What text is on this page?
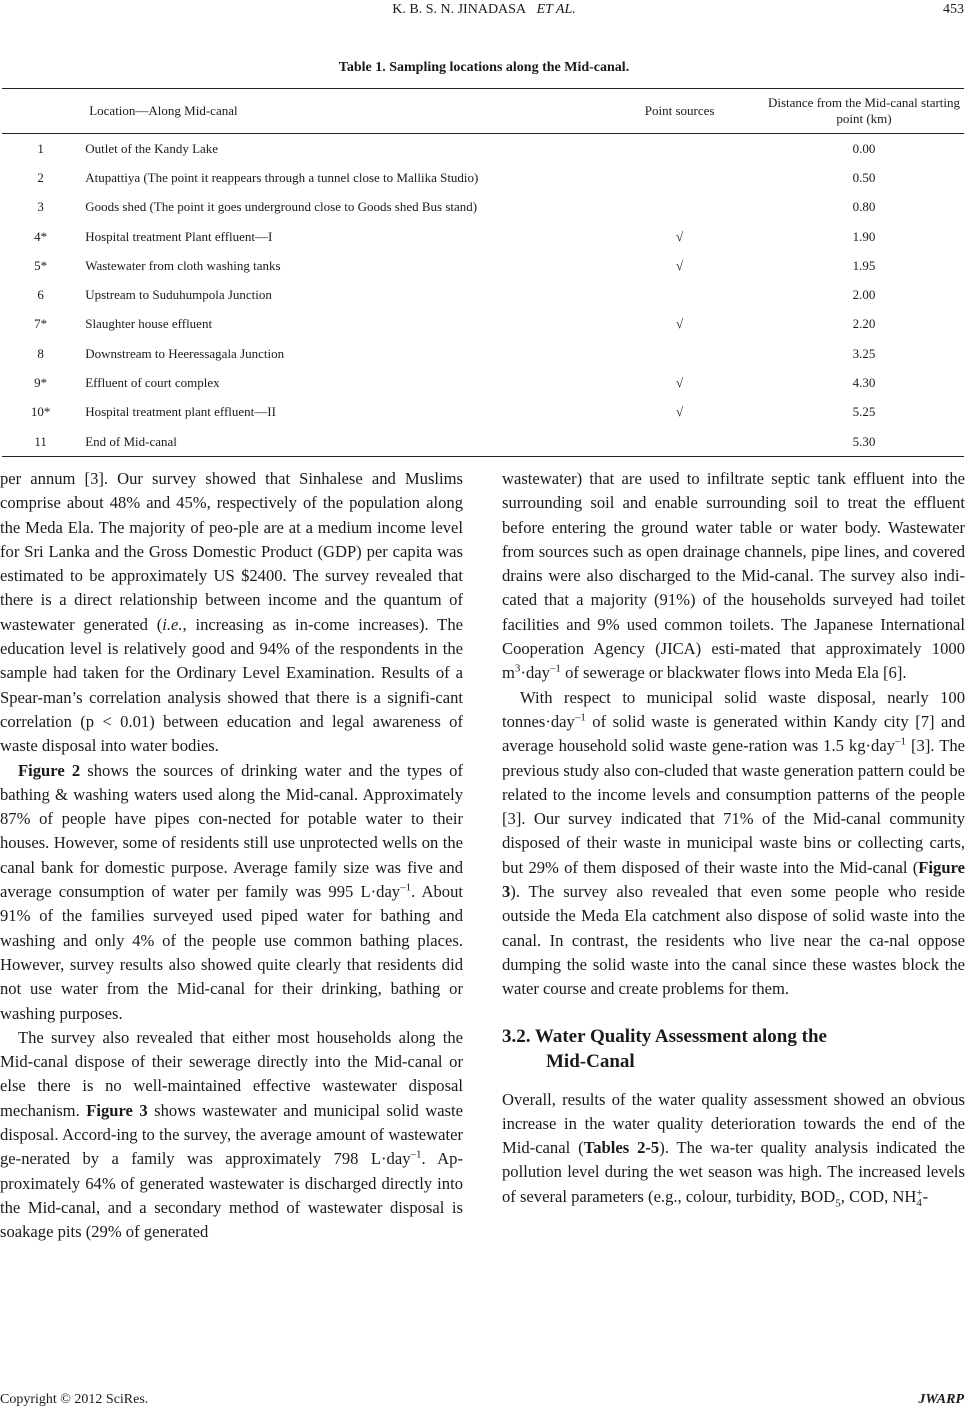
K. B. S. N. JINADASA ET AL.	453
Table 1. Sampling locations along the Mid-canal.
	Location—Along Mid-canal	Point sources	Distance from the Mid-canal starting point (km)
1	Outlet of the Kandy Lake		0.00
2	Atupattiya (The point it reappears through a tunnel close to Mallika Studio)		0.50
3	Goods shed (The point it goes underground close to Goods shed Bus stand)		0.80
4*	Hospital treatment Plant effluent—I	√	1.90
5*	Wastewater from cloth washing tanks	√	1.95
6	Upstream to Suduhumpola Junction		2.00
7*	Slaughter house effluent	√	2.20
8	Downstream to Heeressagala Junction		3.25
9*	Effluent of court complex	√	4.30
10*	Hospital treatment plant effluent—II	√	5.25
11	End of Mid-canal		5.30

per annum [3]. Our survey showed that Sinhalese and Muslims comprise about 48% and 45%, respectively of the population along the Meda Ela. The majority of peo-ple are at a medium income level for Sri Lanka and the Gross Domestic Product (GDP) per capita was estimated to be approximately US $2400. The survey revealed that there is a direct relationship between income and the quantum of wastewater generated (i.e., increasing as in-come increases). The education level is relatively good and 94% of the respondents in the sample had taken for the Ordinary Level Examination. Results of a Spear-man’s correlation analysis showed that there is a signifi-cant correlation (p < 0.01) between education and legal awareness of waste disposal into water bodies.

Figure 2 shows the sources of drinking water and the types of bathing & washing waters used along the Mid-canal. Approximately 87% of people have pipes con-nected for potable water to their houses. However, some of residents still use unprotected wells on the canal bank for domestic purpose. Average family size was five and average consumption of water per family was 995 L·day$^{-1}$. About 91% of the families surveyed used piped water for bathing and washing and only 4% of the people use common bathing places. However, survey results also showed quite clearly that residents did not use water from the Mid-canal for their drinking, bathing or washing purposes.

The survey also revealed that either most households along the Mid-canal dispose of their sewerage directly into the Mid-canal or else there is no well-maintained effective wastewater disposal mechanism. Figure 3 shows wastewater and municipal solid waste disposal. Accord-ing to the survey, the average amount of wastewater ge-nerated by a family was approximately 798 L·day$^{-1}$. Ap-proximately 64% of generated wastewater is discharged directly into the Mid-canal, and a secondary method of wastewater disposal is soakage pits (29% of generated

wastewater) that are used to infiltrate septic tank effluent into the surrounding soil and enable surrounding soil to treat the effluent before entering the ground water table or water body. Wastewater from sources such as open drainage channels, pipe lines, and covered drains were also discharged to the Mid-canal. The survey also indi-cated that a majority (91%) of the households surveyed had toilet facilities and 9% used common toilets. The Japanese International Cooperation Agency (JICA) esti-mated that approximately 1000 $m^3\cdot day^{-1}$ of sewerage or blackwater flows into Meda Ela [6].

With respect to municipal solid waste disposal, nearly 100 tonnes·day$^{-1}$ of solid waste is generated within Kandy city [7] and average household solid waste gene-ration was 1.5 kg·day$^{-1}$ [3]. The previous study also con-cluded that waste generation pattern could be related to the income levels and consumption patterns of the people [3]. Our survey indicated that 71% of the Mid-canal community disposed of their waste in municipal waste bins or collecting carts, but 29% of them disposed of their waste into the Mid-canal (Figure 3). The survey also revealed that even some people who reside outside the Meda Ela catchment also dispose of solid waste into the canal. In contrast, the residents who live near the ca-nal oppose dumping the solid waste into the canal since these wastes block the water course and create problems for them.

3.2. Water Quality Assessment along the
Mid-Canal

Overall, results of the water quality assessment showed an obvious increase in the water quality deterioration towards the end of the Mid-canal (Tables 2-5). The wa-ter quality analysis indicated the pollution level during the wet season was high. The increased levels of several parameters (e.g., colour, turbidity, $BOD_5$, COD, NH +
4 -

Copyright © 2012 SciRes.	JWARP
